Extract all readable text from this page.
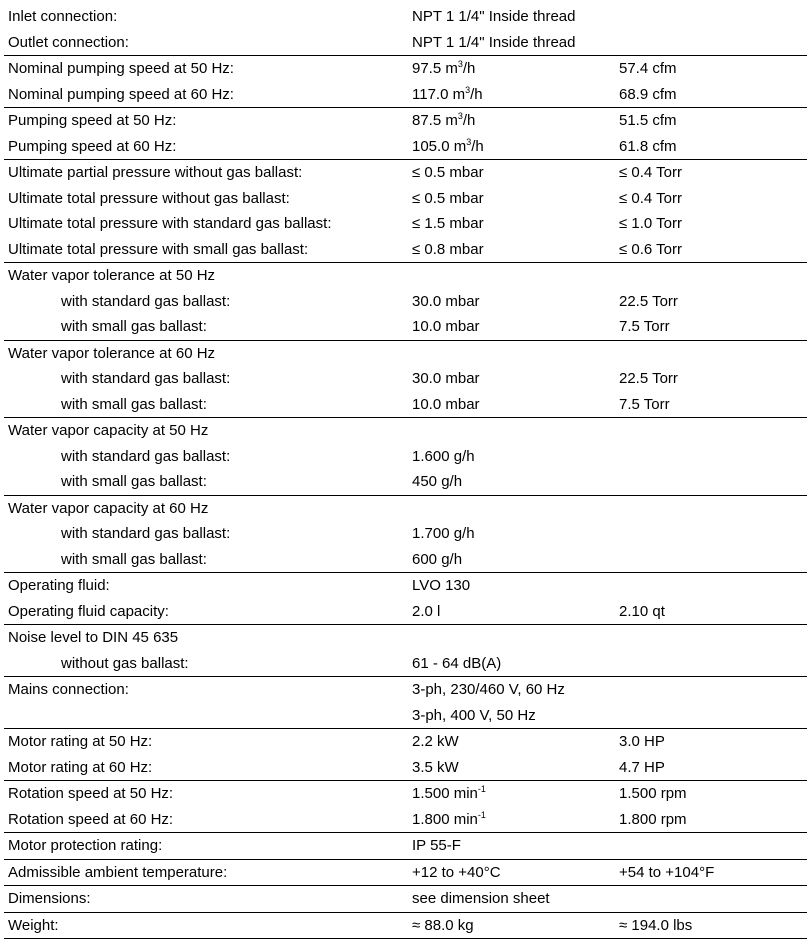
Inlet connection:	NPT 1 1/4" Inside thread
Outlet connection:	NPT 1 1/4" Inside thread
Nominal pumping speed at 50 Hz:	97.5 $m^3/h$	57.4 cfm
Nominal pumping speed at 60 Hz:	117.0 $m^3/h$	68.9 cfm
Pumping speed at 50 Hz:	87.5 $m^3/h$	51.5 cfm
Pumping speed at 60 Hz:	105.0 $m^3/h$	61.8 cfm
Ultimate partial pressure without gas ballast:	≤ 0.5 mbar	≤ 0.4 Torr
Ultimate total pressure without gas ballast:	≤ 0.5 mbar	≤ 0.4 Torr
Ultimate total pressure with standard gas ballast:	≤ 1.5 mbar	≤ 1.0 Torr
Ultimate total pressure with small gas ballast:	≤ 0.8 mbar	≤ 0.6 Torr
Water vapor tolerance at 50 Hz
with standard gas ballast:	30.0 mbar	22.5 Torr
with small gas ballast:	10.0 mbar	7.5 Torr
Water vapor tolerance at 60 Hz
with standard gas ballast:	30.0 mbar	22.5 Torr
with small gas ballast:	10.0 mbar	7.5 Torr
Water vapor capacity at 50 Hz
with standard gas ballast:	1.600 g/h
with small gas ballast:	450 g/h
Water vapor capacity at 60 Hz
with standard gas ballast:	1.700 g/h
with small gas ballast:	600 g/h
Operating fluid:	LVO 130
Operating fluid capacity:	2.0 l	2.10 qt
Noise level to DIN 45 635
without gas ballast:	61 - 64 dB(A)
Mains connection:	3-ph, 230/460 V, 60 Hz
3-ph, 400 V, 50 Hz
Motor rating at 50 Hz:	2.2 kW	3.0 HP
Motor rating at 60 Hz:	3.5 kW	4.7 HP
Rotation speed at 50 Hz:	1.500 $\min^{-1}$	1.500 rpm
Rotation speed at 60 Hz:	1.800 $\min^{-1}$	1.800 rpm
Motor protection rating:	IP 55-F
Admissible ambient temperature:	+12 to +40°C	+54 to +104°F
Dimensions:	see dimension sheet
Weight:	≈ 88.0 kg	≈ 194.0 lbs
